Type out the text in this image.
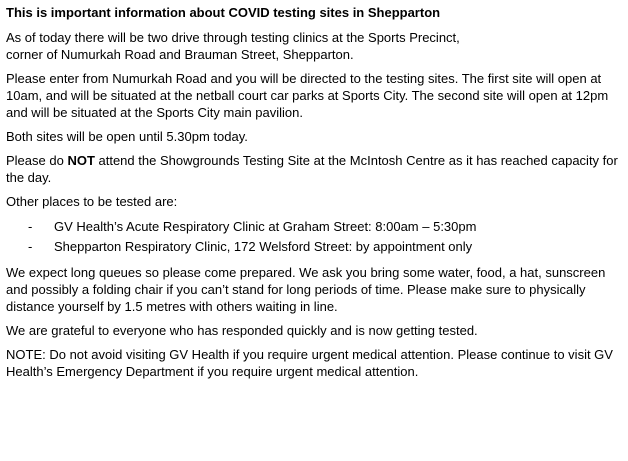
This is important information about COVID testing sites in Shepparton

As of today there will be two drive through testing clinics at the Sports Precinct,
corner of Numurkah Road and Brauman Street, Shepparton.

Please enter from Numurkah Road and you will be directed to the testing sites. The first site will open at 10am, and will be situated at the netball court car parks at Sports City. The second site will open at 12pm and will be situated at the Sports City main pavilion.

Both sites will be open until 5.30pm today.

Please do NOT attend the Showgrounds Testing Site at the McIntosh Centre as it has reached capacity for the day.

Other places to be tested are:

- GV Health’s Acute Respiratory Clinic at Graham Street: 8:00am – 5:30pm
- Shepparton Respiratory Clinic, 172 Welsford Street: by appointment only

We expect long queues so please come prepared. We ask you bring some water, food, a hat, sunscreen and possibly a folding chair if you can’t stand for long periods of time. Please make sure to physically distance yourself by 1.5 metres with others waiting in line.

We are grateful to everyone who has responded quickly and is now getting tested.

NOTE: Do not avoid visiting GV Health if you require urgent medical attention. Please continue to visit GV Health’s Emergency Department if you require urgent medical attention.
